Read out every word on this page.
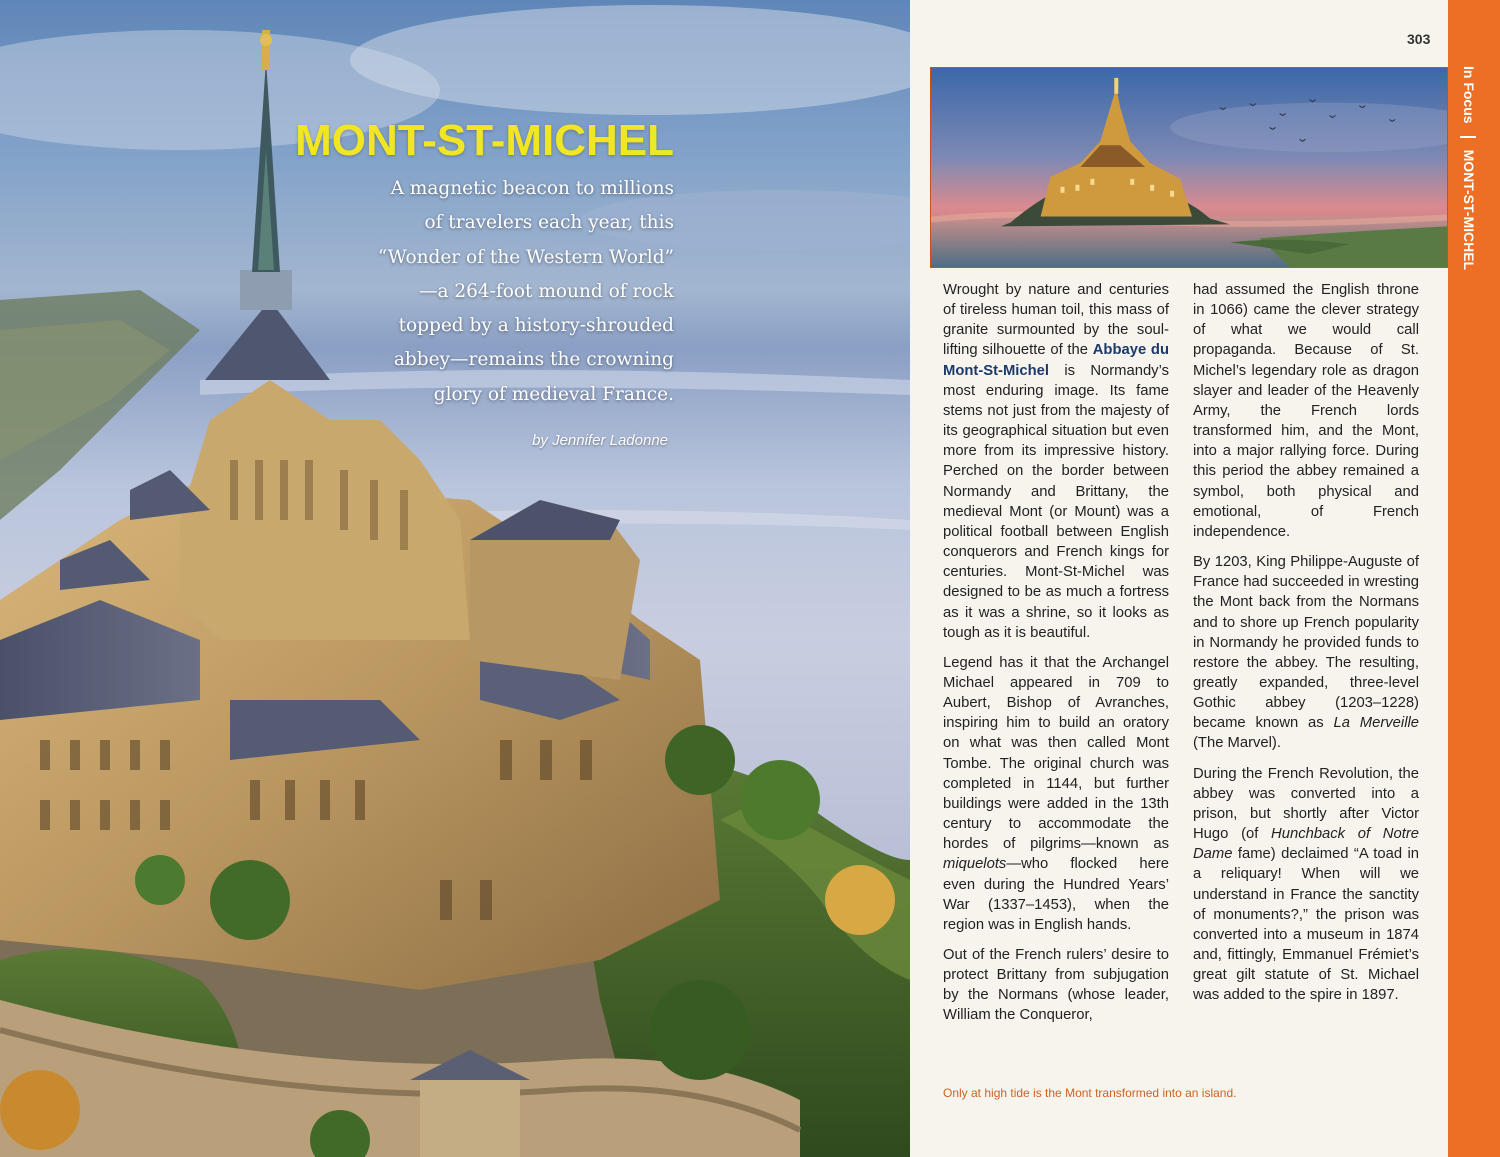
MONT-ST-MICHEL
A magnetic beacon to millions
of travelers each year, this
“Wonder of the Western World”
—a 264-foot mound of rock
topped by a history-shrouded
abbey—remains the crowning
glory of medieval France.
by Jennifer Ladonne
303

Wrought by nature and centuries of tireless human toil, this mass of granite surmounted by the soul-lifting silhouette of the Abbaye du Mont-St-Michel is Normandy’s most enduring image. Its fame stems not just from the majesty of its geographical situation but even more from its impressive history. Perched on the border between Normandy and Brittany, the medieval Mont (or Mount) was a political football between English conquerors and French kings for centuries. Mont-St-Michel was designed to be as much a fortress as it was a shrine, so it looks as tough as it is beautiful.

Legend has it that the Archangel Michael appeared in 709 to Aubert, Bishop of Avranches, inspiring him to build an oratory on what was then called Mont Tombe. The original church was completed in 1144, but further buildings were added in the 13th century to accommodate the hordes of pilgrims—known as miquelots—who flocked here even during the Hundred Years’ War (1337–1453), when the region was in English hands.

Out of the French rulers’ desire to protect Brittany from subjugation by the Normans (whose leader, William the Conqueror,

had assumed the English throne in 1066) came the clever strategy of what we would call propaganda. Because of St. Michel’s legendary role as dragon slayer and leader of the Heavenly Army, the French lords transformed him, and the Mont, into a major rallying force. During this period the abbey remained a symbol, both physical and emotional, of French independence.

By 1203, King Philippe-Auguste of France had succeeded in wresting the Mont back from the Normans and to shore up French popularity in Normandy he provided funds to restore the abbey. The resulting, greatly expanded, three-level Gothic abbey (1203–1228) became known as La Merveille (The Marvel).

During the French Revolution, the abbey was converted into a prison, but shortly after Victor Hugo (of Hunchback of Notre Dame fame) declaimed “A toad in a reliquary! When will we understand in France the sanctity of monuments?,” the prison was converted into a museum in 1874 and, fittingly, Emmanuel Frémiet’s great gilt statute of St. Michael was added to the spire in 1897.

Only at high tide is the Mont transformed into an island.
In FocusMONT-ST-MICHEL
